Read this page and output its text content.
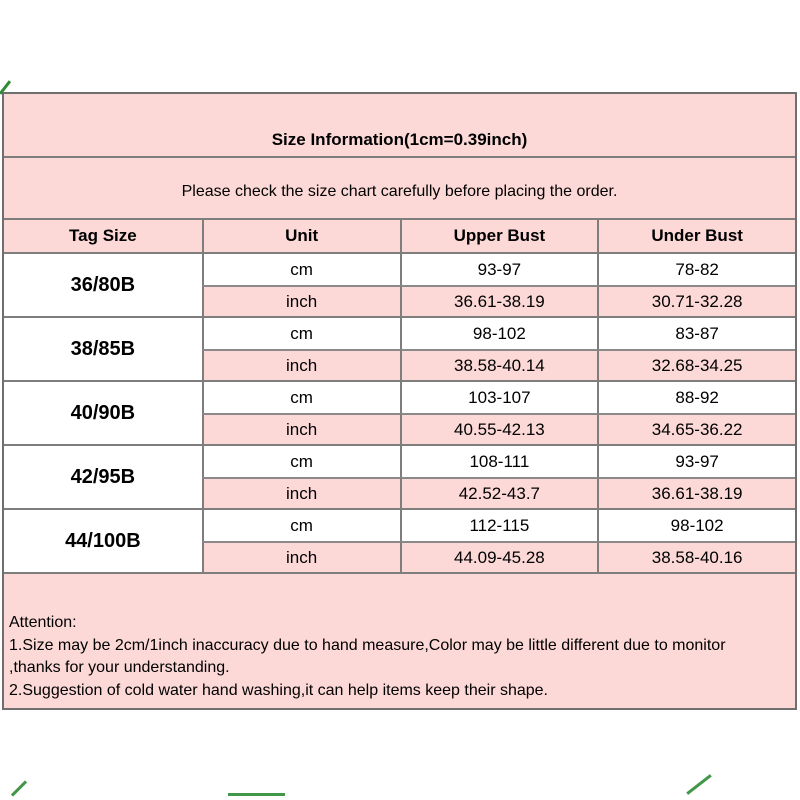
Size Information(1cm=0.39inch)
Please check the size chart carefully before placing the order.
Tag Size	Unit	Upper Bust	Under Bust
36/80B
cm	93-97	78-82
inch	36.61-38.19	30.71-32.28
38/85B
cm	98-102	83-87
inch	38.58-40.14	32.68-34.25
40/90B
cm	103-107	88-92
inch	40.55-42.13	34.65-36.22
42/95B
cm	108-111	93-97
inch	42.52-43.7	36.61-38.19
44/100B
cm	112-115	98-102
inch	44.09-45.28	38.58-40.16
Attention:
1.Size may be 2cm/1inch inaccuracy due to hand measure,Color may be little different due to monitor
,thanks for your understanding.
2.Suggestion of cold water hand washing,it can help items keep their shape.
